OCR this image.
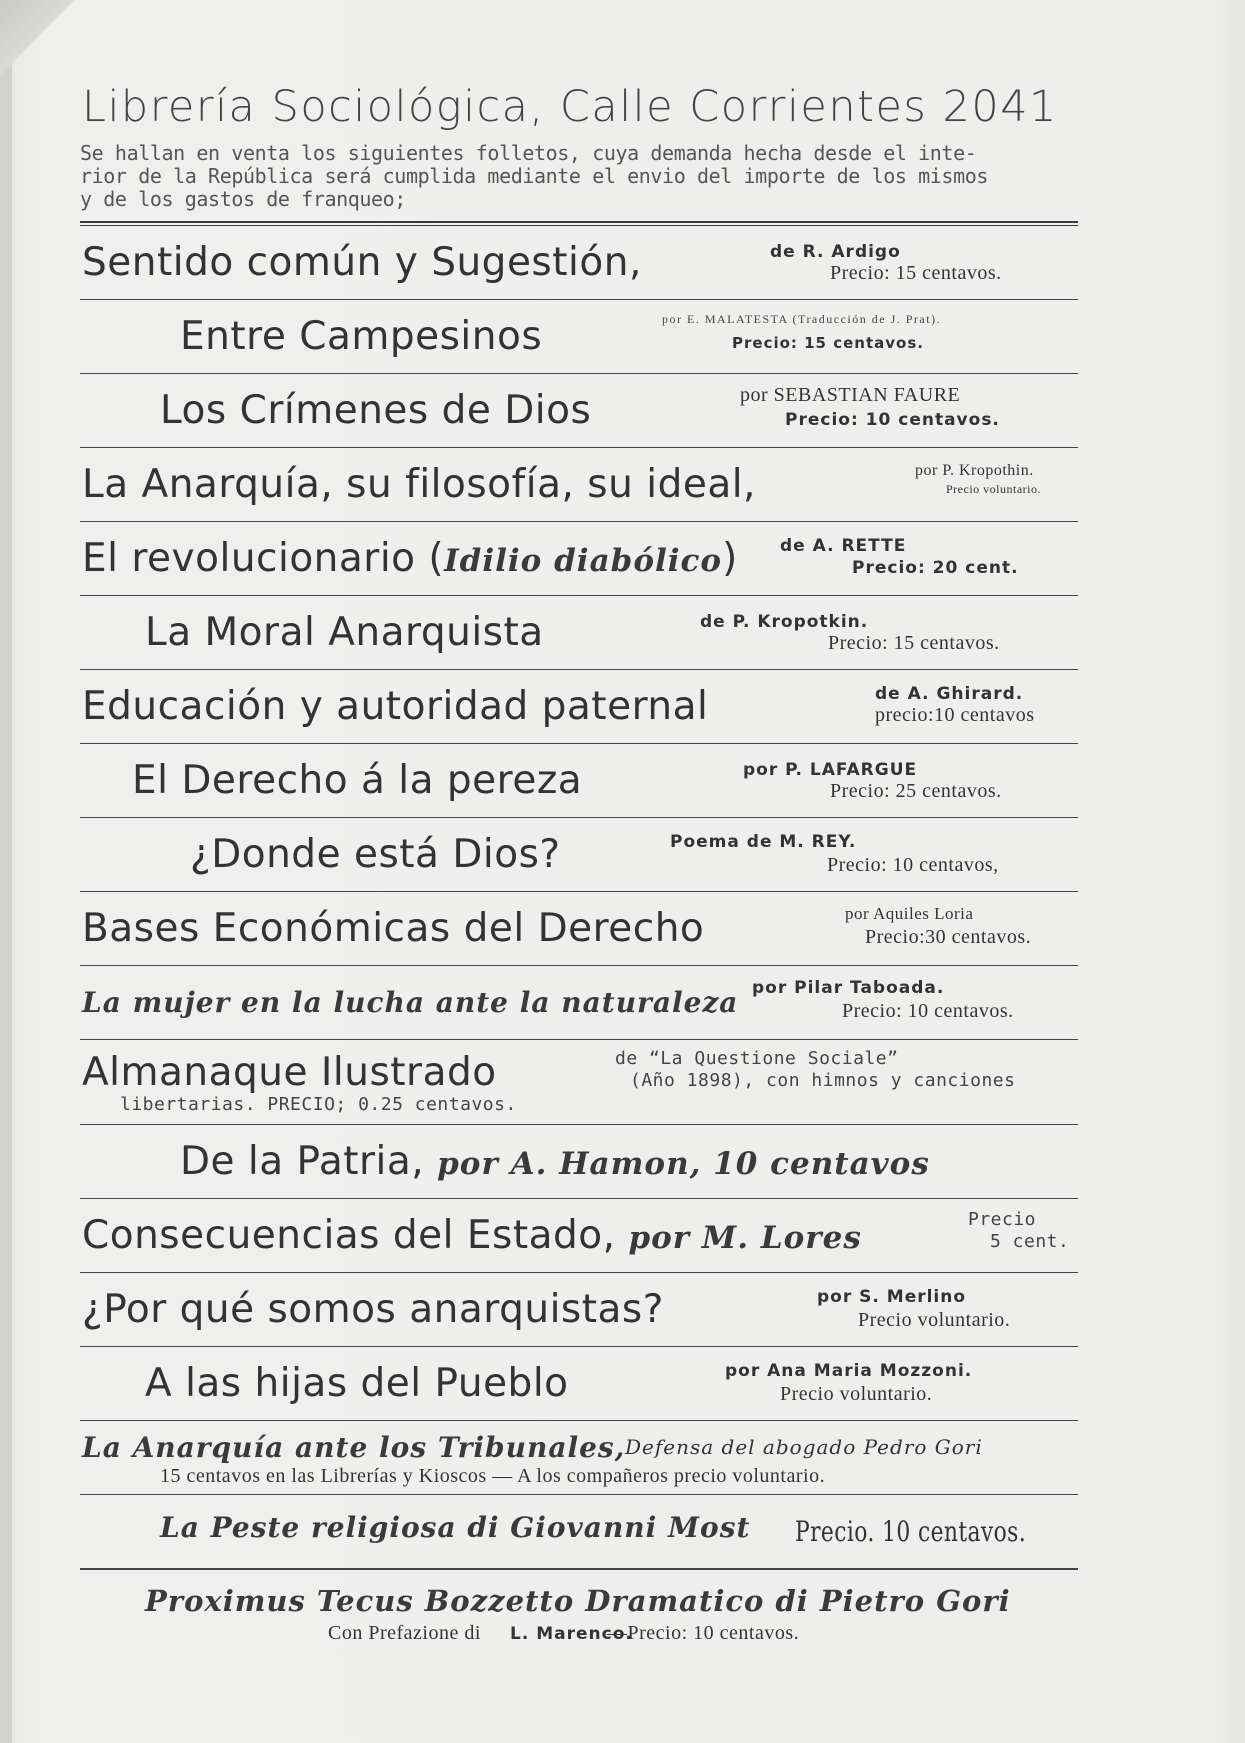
Librería Sociológica, Calle Corrientes 2041
Se hallan en venta los siguientes folletos, cuya demanda hecha desde el inte-
rior de la República será cumplida mediante el envio del importe de los mismos
y de los gastos de franqueo;
Sentido común y Sugestión,	de R. Ardigo
Precio: 15 centavos.
Entre Campesinos	por E. MALATESTA (Traducción de J. Prat).
Precio: 15 centavos.
Los Crímenes de Dios	por SEBASTIAN FAURE
Precio: 10 centavos.
La Anarquía, su filosofía, su ideal,	por P. Kropothin.
Precio voluntario.
El revolucionario (Idilio diabólico) de A. RETTE
Precio: 20 cent.
La Moral Anarquista	de P. Kropotkin.
Precio: 15 centavos.
Educación y autoridad paternal	de A. Ghirard.
precio:10 centavos
El Derecho á la pereza	por P. LAFARGUE
Precio: 25 centavos.
¿Donde está Dios?	Poema de M. REY.
Precio: 10 centavos,
Bases Económicas del Derecho	por Aquiles Loria
Precio:30 centavos.
La mujer en la lucha ante la naturaleza por Pilar Taboada.
Precio: 10 centavos.
Almanaque Ilustrado	de “La Questione Sociale”
(Año 1898), con himnos y canciones
libertarias. PRECIO; 0.25 centavos.
De la Patria, por A. Hamon, 10 centavos
Consecuencias del Estado, por M. Lores
Precio
5 cent.
¿Por qué somos anarquistas?	por S. Merlino
Precio voluntario.
A las hijas del Pueblo	por Ana Maria Mozzoni.
Precio voluntario.
La Anarquía ante los Tribunales, Defensa del abogado Pedro Gori
15 centavos en las Librerías y Kioscos — A los compañeros precio voluntario.
La Peste religiosa di Giovanni Most Precio. 10 centavos.
Proximus Tecus Bozzetto Dramatico di Pietro Gori
Con Prefazione di L. Marenco.
—Precio: 10 centavos.
